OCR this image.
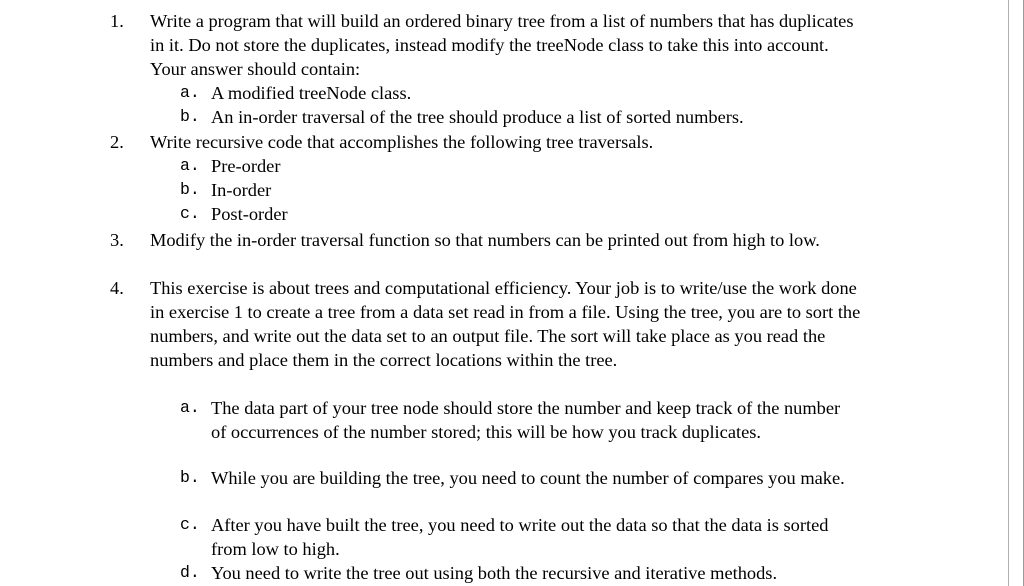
1.	Write a program that will build an ordered binary tree from a list of numbers that has duplicates in it. Do not store the duplicates, instead modify the treeNode class to take this into account. Your answer should contain:
a. A modified treeNode class.
b. An in-order traversal of the tree should produce a list of sorted numbers.
2.	Write recursive code that accomplishes the following tree traversals.
a. Pre-order
b. In-order
c. Post-order
3.	Modify the in-order traversal function so that numbers can be printed out from high to low.
4.	This exercise is about trees and computational efficiency. Your job is to write/use the work done in exercise 1 to create a tree from a data set read in from a file. Using the tree, you are to sort the numbers, and write out the data set to an output file. The sort will take place as you read the numbers and place them in the correct locations within the tree.
a. The data part of your tree node should store the number and keep track of the number of occurrences of the number stored; this will be how you track duplicates.
b. While you are building the tree, you need to count the number of compares you make.
c. After you have built the tree, you need to write out the data so that the data is sorted from low to high.
d. You need to write the tree out using both the recursive and iterative methods.
